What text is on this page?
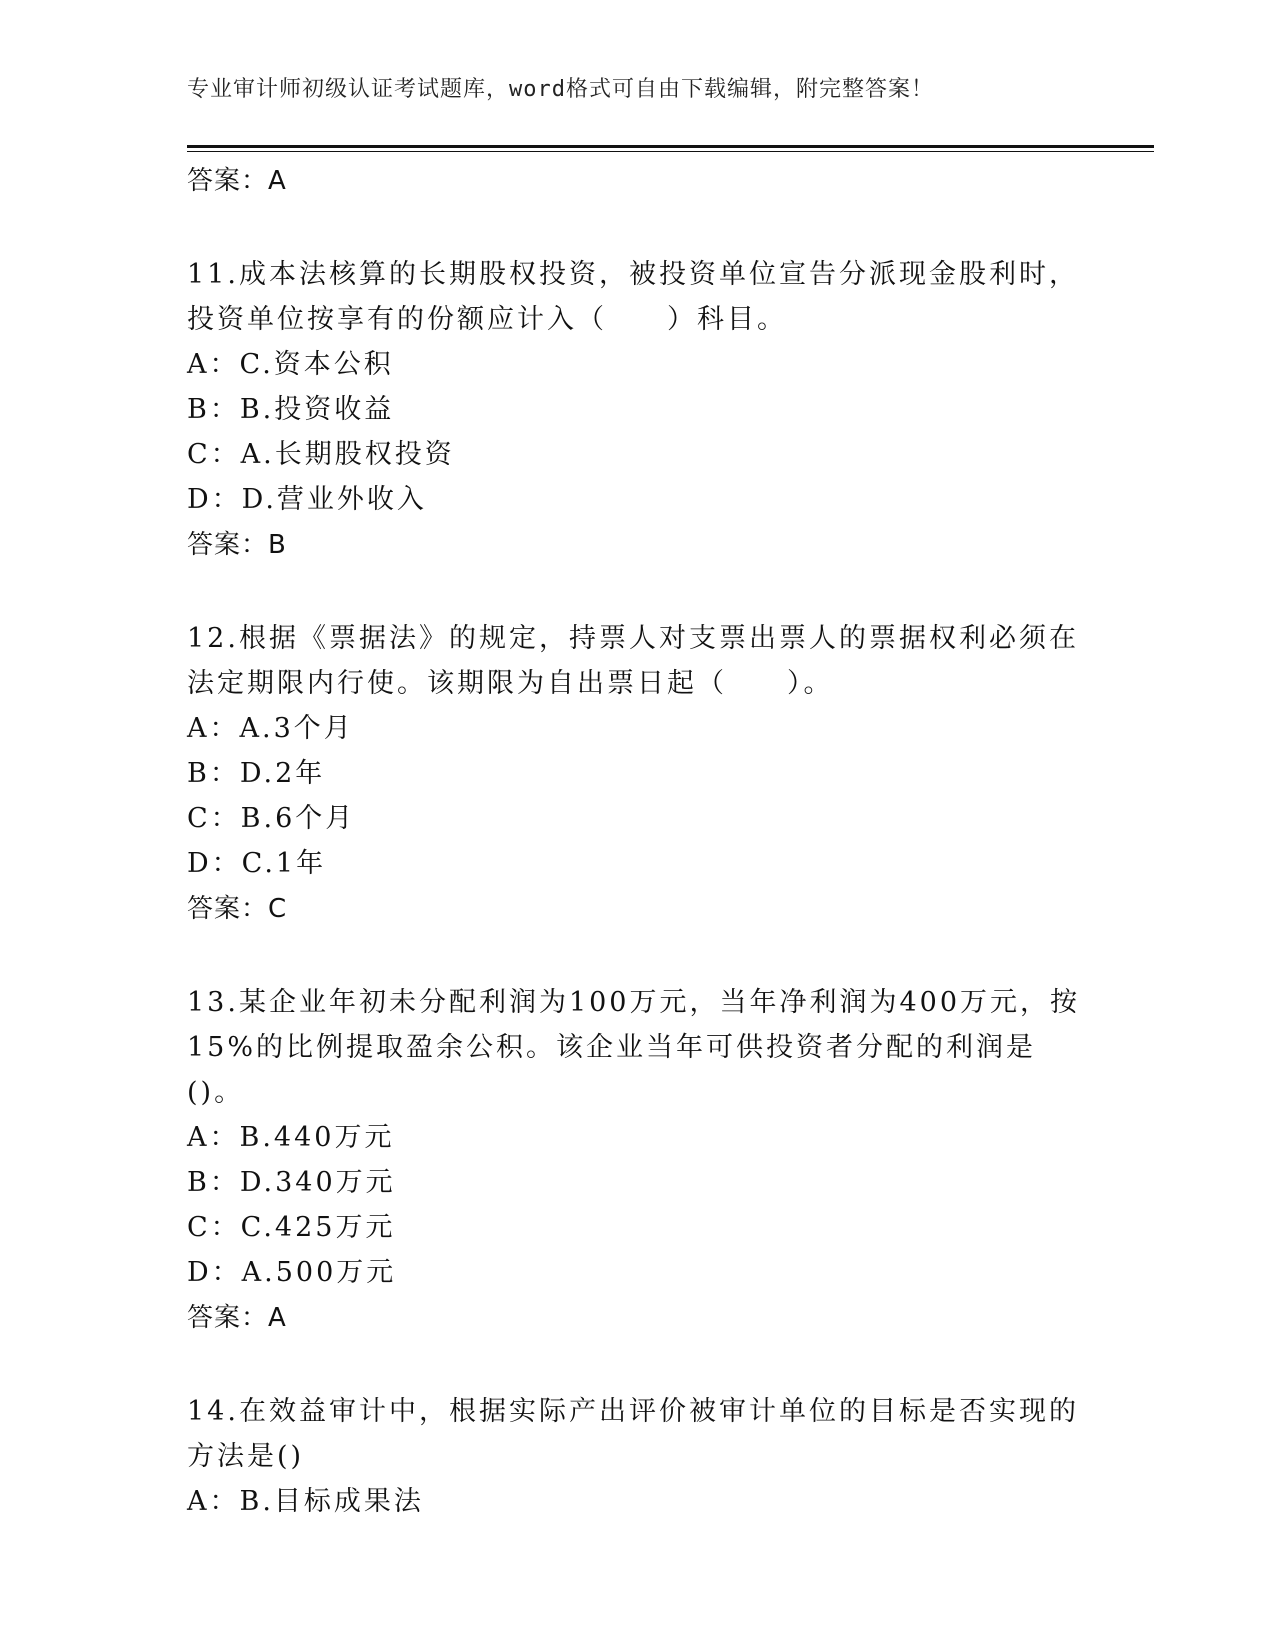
专业审计师初级认证考试题库，word格式可自由下载编辑，附完整答案！
答案：A
11.成本法核算的长期股权投资，被投资单位宣告分派现金股利时，投资单位按享有的份额应计入（　　）科目。
A：C.资本公积
B：B.投资收益
C：A.长期股权投资
D：D.营业外收入
答案：B
12.根据《票据法》的规定，持票人对支票出票人的票据权利必须在法定期限内行使。该期限为自出票日起（　　）。
A：A.3个月
B：D.2年
C：B.6个月
D：C.1年
答案：C
13.某企业年初未分配利润为100万元，当年净利润为400万元，按15%的比例提取盈余公积。该企业当年可供投资者分配的利润是()。
A：B.440万元
B：D.340万元
C：C.425万元
D：A.500万元
答案：A
14.在效益审计中，根据实际产出评价被审计单位的目标是否实现的方法是()
A：B.目标成果法
